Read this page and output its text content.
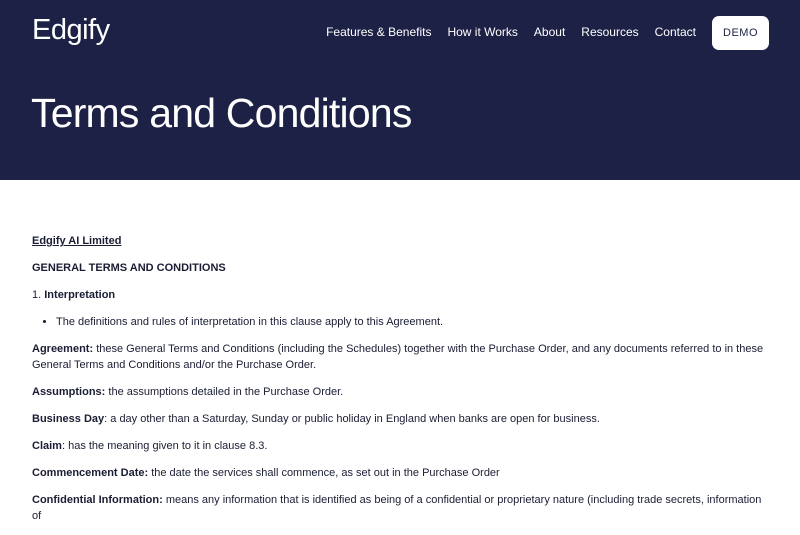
Edgify	Features & Benefits How it Works About Resources Contact	DEMO
Terms and Conditions

Edgify AI Limited

GENERAL TERMS AND CONDITIONS

1. Interpretation

• The definitions and rules of interpretation in this clause apply to this Agreement.

Agreement: these General Terms and Conditions (including the Schedules) together with the Purchase Order, and any documents referred to in these General Terms and Conditions and/or the Purchase Order.

Assumptions: the assumptions detailed in the Purchase Order.

Business Day: a day other than a Saturday, Sunday or public holiday in England when banks are open for business.

Claim: has the meaning given to it in clause 8.3.

Commencement Date: the date the services shall commence, as set out in the Purchase Order

Confidential Information: means any information that is identified as being of a confidential or proprietary nature (including trade secrets, information of
